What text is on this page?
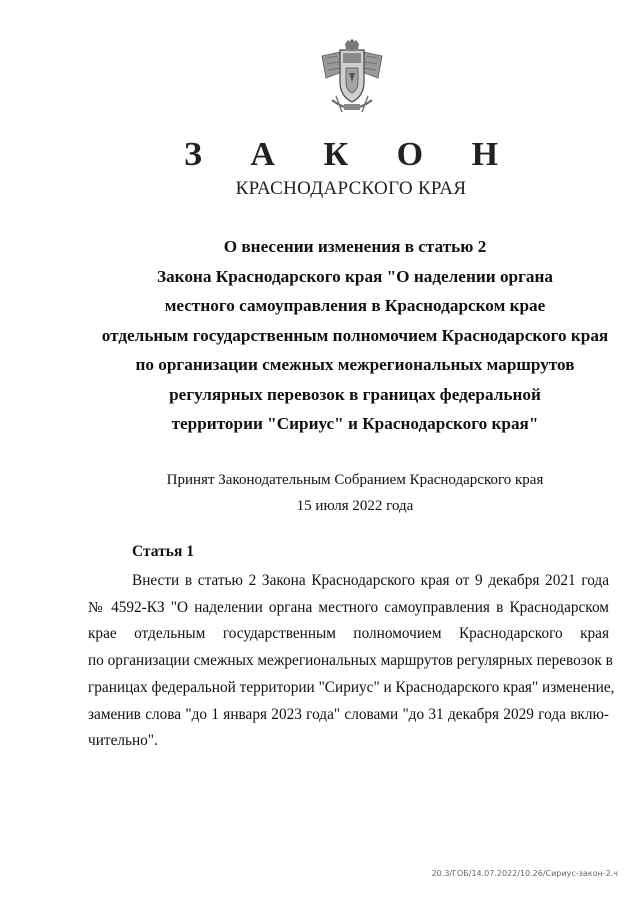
З А К О Н
КРАСНОДАРСКОГО КРАЯ
О внесении изменения в статью 2
Закона Краснодарского края "О наделении органа
местного самоуправления в Краснодарском крае
отдельным государственным полномочием Краснодарского края
по организации смежных межрегиональных маршрутов
регулярных перевозок в границах федеральной
территории "Сириус" и Краснодарского края"
Принят Законодательным Собранием Краснодарского края
15 июля 2022 года
Статья 1
Внести в статью 2 Закона Краснодарского края от 9 декабря 2021 года
№ 4592-КЗ "О наделении органа местного самоуправления в Краснодарском
крае отдельным государственным полномочием Краснодарского края
по организации смежных межрегиональных маршрутов регулярных перевозок в
границах федеральной территории "Сириус" и Краснодарского края" изменение,
заменив слова "до 1 января 2023 года" словами "до 31 декабря 2029 года вклю-
чительно".
20.3/ГОБ/14.07.2022/10.26/Сириус-закон-2.ч
